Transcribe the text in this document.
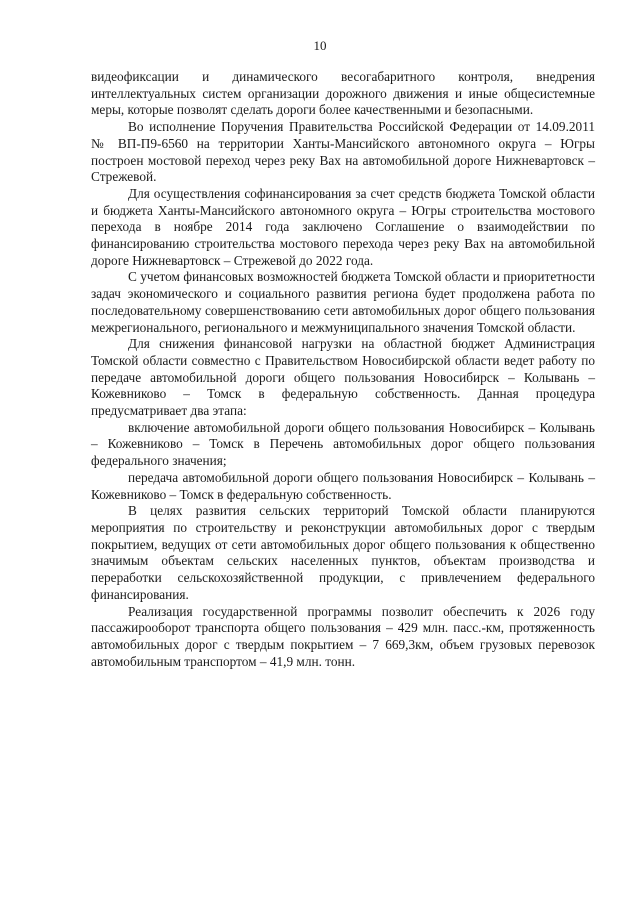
10

видеофиксации и динамического весогабаритного контроля, внедрения интеллектуальных систем организации дорожного движения и иные общесистемные меры, которые позволят сделать дороги более качественными и безопасными.

Во исполнение Поручения Правительства Российской Федерации от 14.09.2011 № ВП-П9-6560 на территории Ханты-Мансийского автономного округа – Югры построен мостовой переход через реку Вах на автомобильной дороге Нижневартовск – Стрежевой.

Для осуществления софинансирования за счет средств бюджета Томской области и бюджета Ханты-Мансийского автономного округа – Югры строительства мостового перехода в ноябре 2014 года заключено Соглашение о взаимодействии по финансированию строительства мостового перехода через реку Вах на автомобильной дороге Нижневартовск – Стрежевой до 2022 года.

С учетом финансовых возможностей бюджета Томской области и приоритетности задач экономического и социального развития региона будет продолжена работа по последовательному совершенствованию сети автомобильных дорог общего пользования межрегионального, регионального и межмуниципального значения Томской области.

Для снижения финансовой нагрузки на областной бюджет Администрация Томской области совместно с Правительством Новосибирской области ведет работу по передаче автомобильной дороги общего пользования Новосибирск – Колывань – Кожевниково – Томск в федеральную собственность. Данная процедура предусматривает два этапа:

включение автомобильной дороги общего пользования Новосибирск – Колывань – Кожевниково – Томск в Перечень автомобильных дорог общего пользования федерального значения;

передача автомобильной дороги общего пользования Новосибирск – Колывань – Кожевниково – Томск в федеральную собственность.

В целях развития сельских территорий Томской области планируются мероприятия по строительству и реконструкции автомобильных дорог с твердым покрытием, ведущих от сети автомобильных дорог общего пользования к общественно значимым объектам сельских населенных пунктов, объектам производства и переработки сельскохозяйственной продукции, с привлечением федерального финансирования.

Реализация государственной программы позволит обеспечить к 2026 году пассажирооборот транспорта общего пользования – 429 млн. пасс.-км, протяженность автомобильных дорог с твердым покрытием – 7 669,3км, объем грузовых перевозок автомобильным транспортом – 41,9 млн. тонн.
